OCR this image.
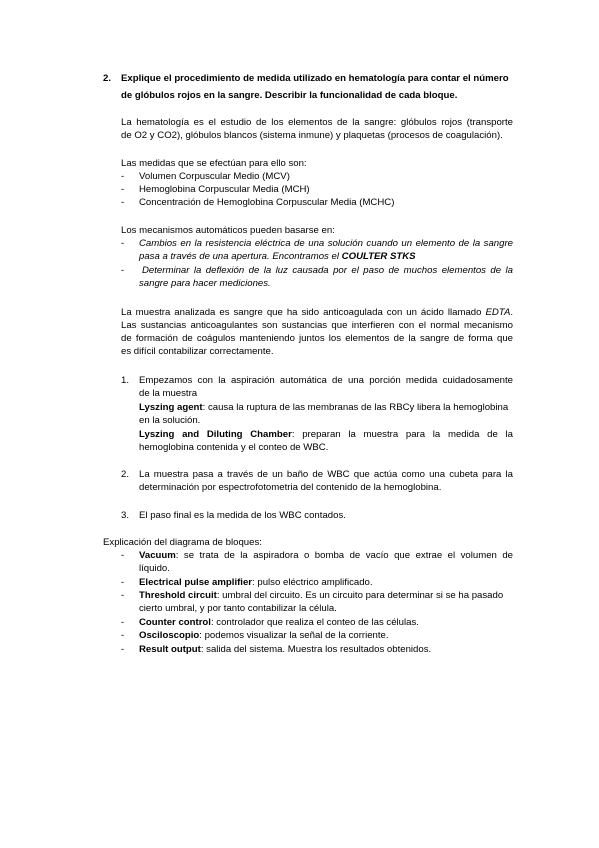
2. Explique el procedimiento de medida utilizado en hematología para contar el número
de glóbulos rojos en la sangre. Describir la funcionalidad de cada bloque.
La hematología es el estudio de los elementos de la sangre: glóbulos rojos (transporte
de O2 y CO2), glóbulos blancos (sistema inmune) y plaquetas (procesos de coagulación).
Las medidas que se efectúan para ello son:
- Volumen Corpuscular Medio (MCV)
- Hemoglobina Corpuscular Media (MCH)
- Concentración de Hemoglobina Corpuscular Media (MCHC)
Los mecanismos automáticos pueden basarse en:
- Cambios en la resistencia eléctrica de una solución cuando un elemento de la sangre
pasa a través de una apertura. Encontramos el COULTER STKS
- Determinar la deflexión de la luz causada por el paso de muchos elementos de la
sangre para hacer mediciones.
La muestra analizada es sangre que ha sido anticoagulada con un ácido llamado EDTA.
Las sustancias anticoagulantes son sustancias que interfieren con el normal mecanismo
de formación de coágulos manteniendo juntos los elementos de la sangre de forma que
es difícil contabilizar correctamente.
1. Empezamos con la aspiración automática de una porción medida cuidadosamente
de la muestra
Lyszing agent: causa la ruptura de las membranas de las RBCy libera la hemoglobina
en la solución.
Lyszing and Diluting Chamber: preparan la muestra para la medida de la
hemoglobina contenida y el conteo de WBC.
2. La muestra pasa a través de un baño de WBC que actúa como una cubeta para la
determinación por espectrofotometria del contenido de la hemoglobina.
3. El paso final es la medida de los WBC contados.
Explicación del diagrama de bloques:
- Vacuum: se trata de la aspiradora o bomba de vacío que extrae el volumen de
líquido.
- Electrical pulse amplifier: pulso eléctrico amplificado.
- Threshold circuit: umbral del circuito. Es un circuito para determinar si se ha pasado
cierto umbral, y por tanto contabilizar la célula.
- Counter control: controlador que realiza el conteo de las células.
- Osciloscopio: podemos visualizar la señal de la corriente.
- Result output: salida del sistema. Muestra los resultados obtenidos.
